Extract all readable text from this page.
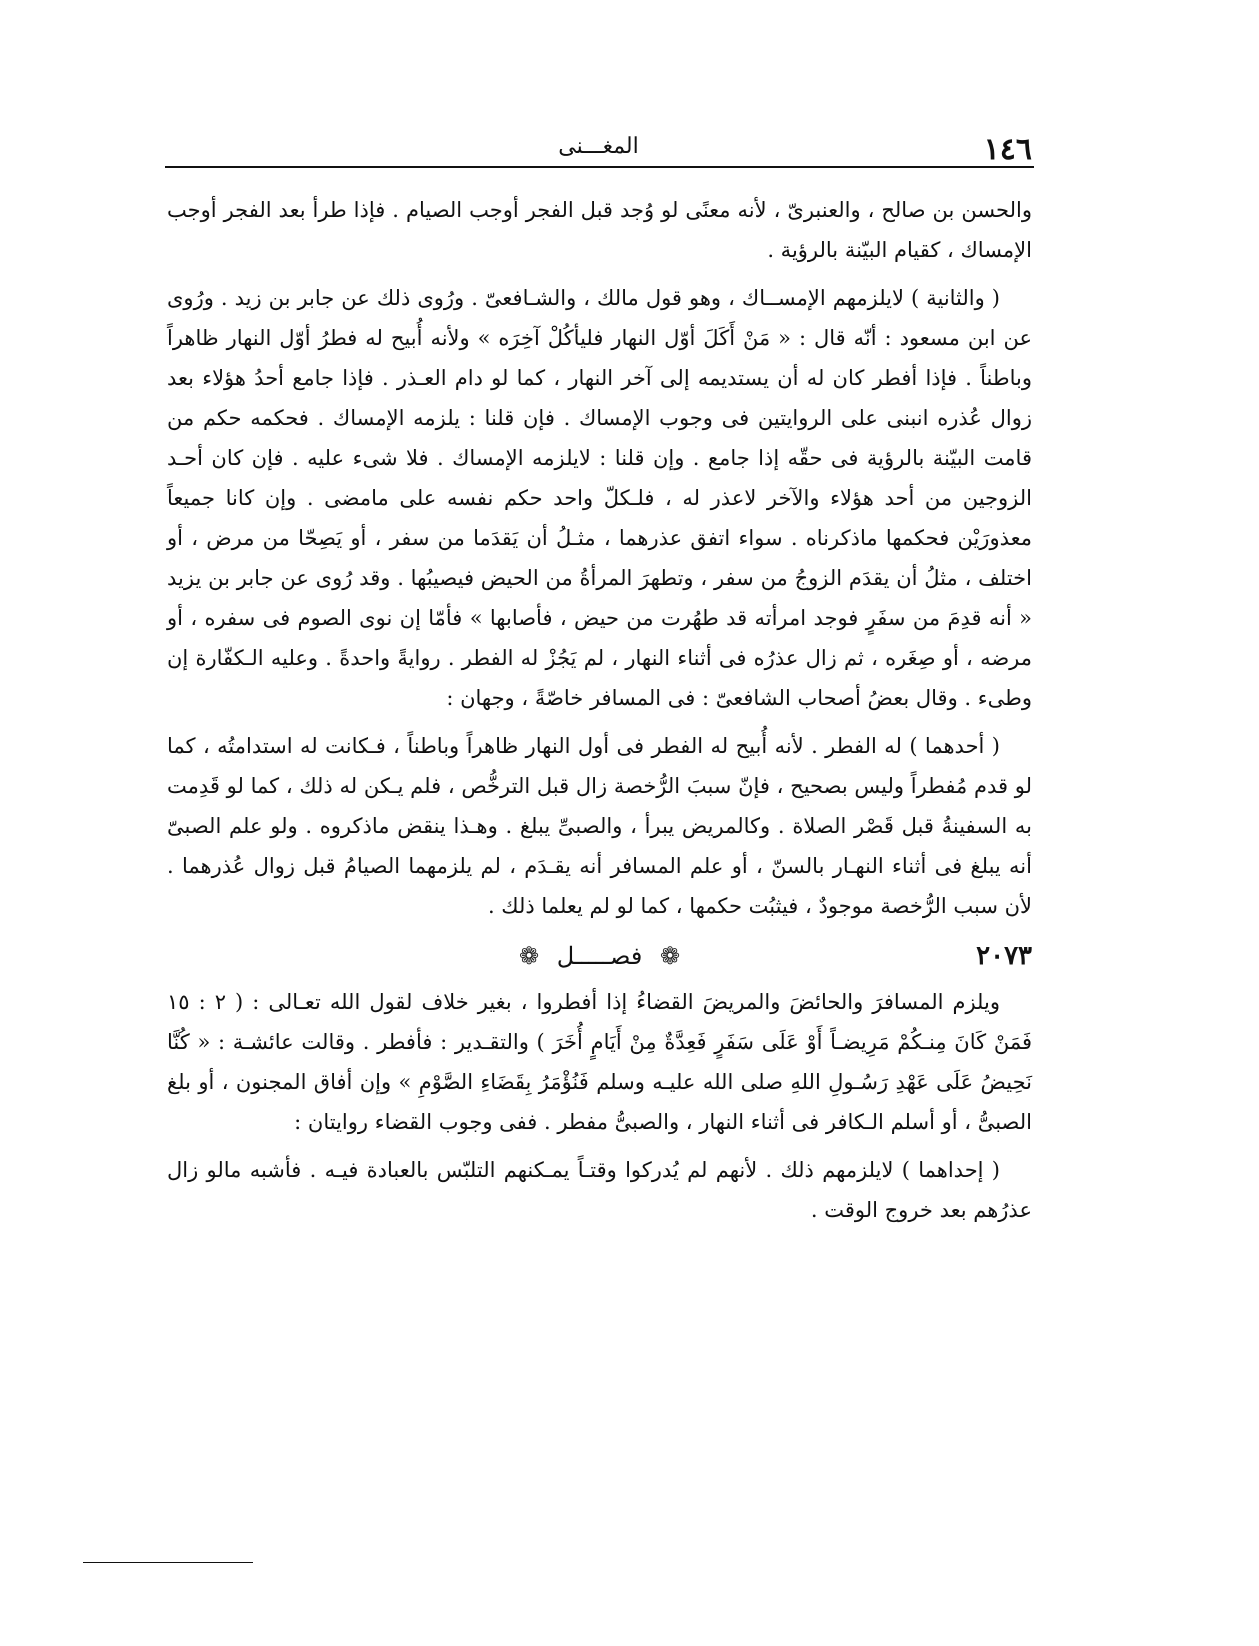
١٤٦
المغـــنى

والحسن بن صالح ، والعنبرىّ ، لأنه معنًى لو وُجد قبل الفجر أوجب الصيام . فإذا طرأ بعد الفجر أوجب الإمساك ، كقيام البيّنة بالرؤية .

( والثانية ) لايلزمهم الإمســاك ، وهو قول مالك ، والشـافعىّ . ورُوى ذلك عن جابر بن زيد . ورُوى عن ابن مسعود : أنّه قال : « مَنْ أَكَلَ أوّل النهار فليأكُلْ آخِرَه » ولأنه أُبيح له فطرُ أوّل النهار ظاهراً وباطناً . فإذا أفطر كان له أن يستديمه إلى آخر النهار ، كما لو دام العـذر . فإذا جامع أحدُ هؤلاء بعد زوال عُذره انبنى على الروايتين فى وجوب الإمساك . فإن قلنا : يلزمه الإمساك . فحكمه حكم من قامت البيّنة بالرؤية فى حقّه إذا جامع . وإن قلنا : لايلزمه الإمساك . فلا شىء عليه . فإن كان أحـد الزوجين من أحد هؤلاء والآخر لاعذر له ، فلـكلّ واحد حكم نفسه على مامضى . وإن كانا جميعاً معذورَيْن فحكمها ماذكرناه . سواء اتفق عذرهما ، مثـلُ أن يَقدَما من سفر ، أو يَصِحّا من مرض ، أو اختلف ، مثلُ أن يقدَم الزوجُ من سفر ، وتطهرَ المرأةُ من الحيض فيصيبُها . وقد رُوى عن جابر بن يزيد « أنه قدِمَ من سفَرٍ فوجد امرأته قد طهُرت من حيض ، فأصابها » فأمّا إن نوى الصوم فى سفره ، أو مرضه ، أو صِغَره ، ثم زال عذرُه فى أثناء النهار ، لم يَجُزْ له الفطر . روايةً واحدةً . وعليه الـكفّارة إن وطىء . وقال بعضُ أصحاب الشافعىّ : فى المسافر خاصّةً ، وجهان :

( أحدهما ) له الفطر . لأنه أُبيح له الفطر فى أول النهار ظاهراً وباطناً ، فـكانت له استدامتُه ، كما لو قدم مُفطراً وليس بصحيح ، فإنّ سببَ الرُّخصة زال قبل الترخُّص ، فلم يـكن له ذلك ، كما لو قَدِمت به السفينةُ قبل قَصْر الصلاة . وكالمريض يبرأ ، والصبىِّ يبلغ . وهـذا ينقض ماذكروه . ولو علم الصبىّ أنه يبلغ فى أثناء النهـار بالسنّ ، أو علم المسافر أنه يقـدَم ، لم يلزمهما الصيامُ قبل زوال عُذرهما . لأن سبب الرُّخصة موجودٌ ، فيثبُت حكمها ، كما لو لم يعلما ذلك .

٢٠٧٣
❁ فصـــــل ❁

ويلزم المسافرَ والحائضَ والمريضَ القضاءُ إذا أفطروا ، بغير خلاف لقول الله تعـالى : ( ٢ : ١٥ فَمَنْ كَانَ مِنـكُمْ مَرِيضـاً أَوْ عَلَى سَفَرٍ فَعِدَّةٌ مِنْ أَيَامٍ أُخَرَ ) والتقـدير : فأفطر . وقالت عائشـة : « كُنَّا نَحِيضُ عَلَى عَهْدِ رَسُـولِ اللهِ صلى الله عليـه وسلم فَنُؤْمَرُ بِقَضَاءِ الصَّوْمِ » وإن أفاق المجنون ، أو بلغ الصبىُّ ، أو أسلم الـكافر فى أثناء النهار ، والصبىُّ مفطر . ففى وجوب القضاء روايتان :

( إحداهما ) لايلزمهم ذلك . لأنهم لم يُدركوا وقتـاً يمـكنهم التلبّس بالعبادة فيـه . فأشبه مالو زال عذرُهم بعد خروج الوقت .
